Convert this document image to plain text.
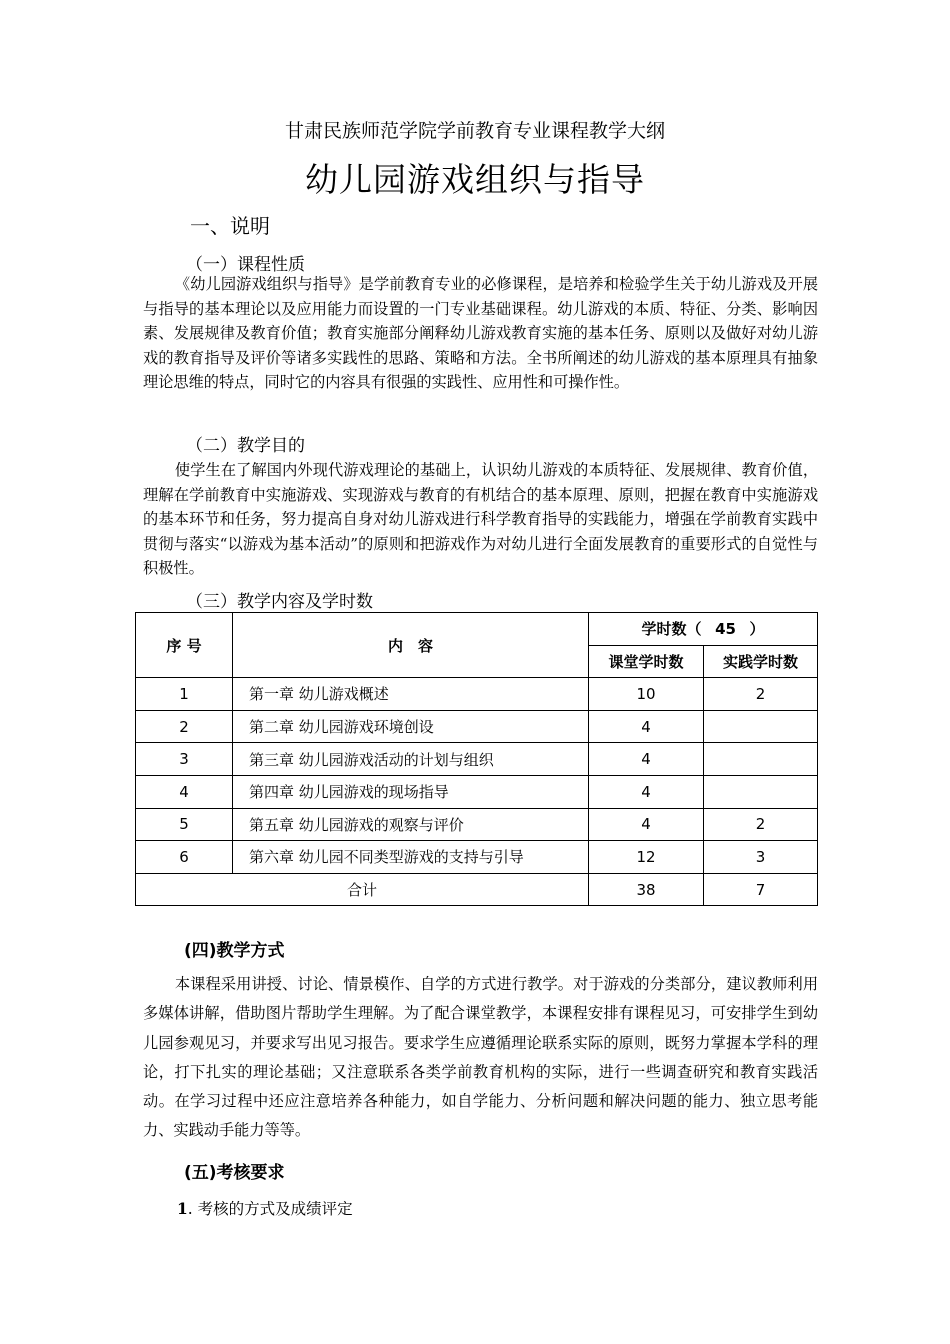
甘肃民族师范学院学前教育专业课程教学大纲
幼儿园游戏组织与指导
一、说明
（一）课程性质

《幼儿园游戏组织与指导》是学前教育专业的必修课程，是培养和检验学生关于幼儿游戏及开展与指导的基本理论以及应用能力而设置的一门专业基础课程。幼儿游戏的本质、特征、分类、影响因素、发展规律及教育价值；教育实施部分阐释幼儿游戏教育实施的基本任务、原则以及做好对幼儿游戏的教育指导及评价等诸多实践性的思路、策略和方法。全书所阐述的幼儿游戏的基本原理具有抽象理论思维的特点，同时它的内容具有很强的实践性、应用性和可操作性。

（二）教学目的

使学生在了解国内外现代游戏理论的基础上，认识幼儿游戏的本质特征、发展规律、教育价值，理解在学前教育中实施游戏、实现游戏与教育的有机结合的基本原理、原则，把握在教育中实施游戏的基本环节和任务，努力提高自身对幼儿游戏进行科学教育指导的实践能力，增强在学前教育实践中贯彻与落实“以游戏为基本活动”的原则和把游戏作为对幼儿进行全面发展教育的重要形式的自觉性与积极性。

（三）教学内容及学时数
序 号	内　容	学时数（ 45 ）	
		课堂学时数	实践学时数
1	第一章 幼儿游戏概述	10	2
2	第二章 幼儿园游戏环境创设	4	
3	第三章 幼儿园游戏活动的计划与组织	4	
4	第四章 幼儿园游戏的现场指导	4	
5	第五章 幼儿园游戏的观察与评价	4	2
6	第六章 幼儿园不同类型游戏的支持与引导	12	3
合计		38	7
(四)教学方式

本课程采用讲授、讨论、情景模作、自学的方式进行教学。对于游戏的分类部分，建议教师利用多媒体讲解，借助图片帮助学生理解。为了配合课堂教学，本课程安排有课程见习，可安排学生到幼儿园参观见习，并要求写出见习报告。要求学生应遵循理论联系实际的原则，既努力掌握本学科的理论，打下扎实的理论基础；又注意联系各类学前教育机构的实际，进行一些调查研究和教育实践活动。在学习过程中还应注意培养各种能力，如自学能力、分析问题和解决问题的能力、独立思考能力、实践动手能力等等。

(五)考核要求
1. 考核的方式及成绩评定
